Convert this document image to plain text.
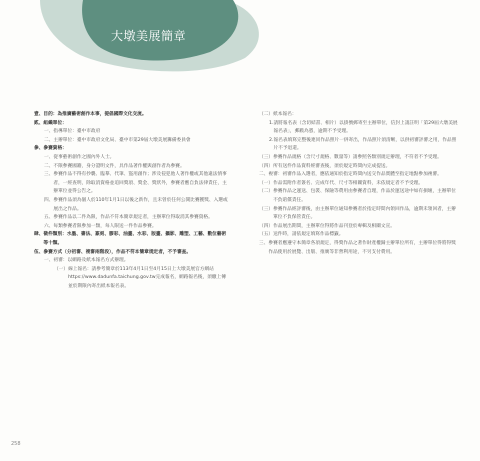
大墩美展簡章
壹、 目的：為推廣藝術創作本事，提倡國際文化交流。
貳、 組織單位：
一、 指導單位：臺中市政府
二、 主辦單位：臺中市政府文化局、臺中市第29屆大墩美展籌備委員會
參、 參賽資格：
一、 從事藝術創作之國內外人士。
二、 不限參賽國籍，身分證明文件，具作品著作權與創作者為參賽。
三、 參賽作品不得有抄襲、臨摹、代筆、盜用創作；涉及侵犯他人著作權或其他違法情事者，一經查明，除取消資格並追回獎項、獎金、獎狀外，參賽者應自負法律責任，主辦單位並得公告之。
四、 參賽作品須為個人於110年1月1日以後之新作，且未曾於任何公開比賽獲獎、入選或展出之作品。
五、 參賽作品以二件為限，作品不符本簡章規定者，主辦單位得取消其參賽資格。
六、 每類參賽者限參加一類，每人限送一件作品參賽。
肆、 徵件類別：水墨、書法、篆刻、膠彩、油畫、水彩、版畫、攝影、雕塑、工藝、數位藝術等十類。
伍、 參賽方式（分初審、複審兩階段），作品不符本簡章規定者，不予審查。
一、 初審：以網路及紙本報名方式辦理。
（一） 線上報名：請參考簡章於113年4月1日至4月15日上大墩美展官方網站https://www.dadunfa.taichung.gov.tw完成報名，網路報名後，須繳上傳並於期限內寄出紙本報名表。
（二） 紙本報名：
1. 請將報名表（含切結書、相片）以掛號郵寄至主辦單位，信封上請註明「第29屆大墩美展報名表」，郵戳為憑，逾期不予受理。
2. 報名表填寫完整後連同作品照片一併寄出，作品照片須清晰，以供初審評審之用，作品照片不予退還。
（三） 參賽作品規格（含尺寸規格、數量等）請參照各類別規定辦理，不符者不予受理。
（四） 所有送件作品資料經審查後，須於規定時間內完成提送。
二、 複審：初審作品入選者，應依通知於指定時間內送交作品實體至指定地點參加複審。
（一） 作品需附作者簽名、完成年代、尺寸等相關資料，未依規定者不予受理。
（二） 參賽作品之運送、包裝、保險等費用由參賽者自理，作品於運送途中如有損壞，主辦單位不負賠償責任。
（三） 參賽作品經評審後，由主辦單位通知參賽者於指定時間內領回作品，逾期未領回者，主辦單位不負保管責任。
（四） 作品展出期間，主辦單位得將作品刊登於專輯及相關文宣。
（五） 送件時，請依規定填寫作品標籤。
三、 參賽者應遵守本簡章各項規定，得獎作品之著作財產權歸主辦單位所有，主辦單位得將得獎作品使用於展覽、出版、推廣等非營利用途，不另支付費用。
258
